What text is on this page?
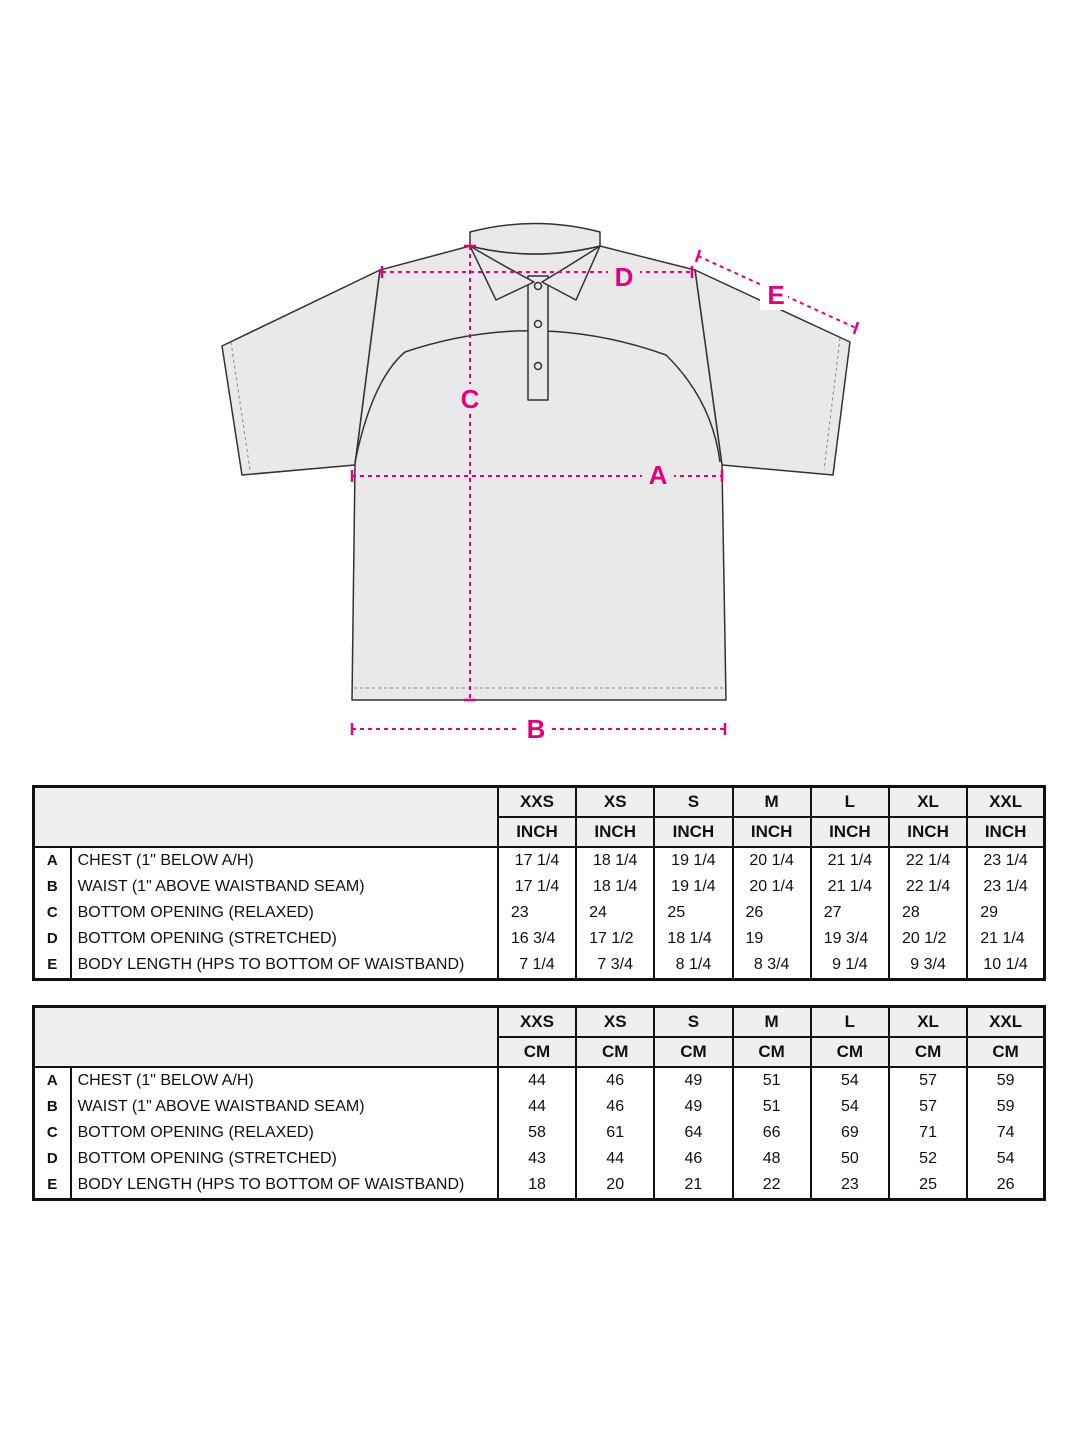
D
E
C
A
B
		XXS	XS	S	M	L	XL	XXL
		INCH	INCH	INCH	INCH	INCH	INCH	INCH
A	CHEST (1" BELOW A/H)	17 1/4	18 1/4	19 1/4	20 1/4	21 1/4	22 1/4	23 1/4
B	WAIST (1" ABOVE WAISTBAND SEAM)	17 1/4	18 1/4	19 1/4	20 1/4	21 1/4	22 1/4	23 1/4
C	BOTTOM OPENING (RELAXED)	23	24	25	26	27	28	29
D	BOTTOM OPENING (STRETCHED)	16 3/4	17 1/2	18 1/4	19	19 3/4	20 1/2	21 1/4
E	BODY LENGTH (HPS TO BOTTOM OF WAISTBAND)	7 1/4	7 3/4	8 1/4	8 3/4	9 1/4	9 3/4	10 1/4
		XXS	XS	S	M	L	XL	XXL
		CM	CM	CM	CM	CM	CM	CM
A	CHEST (1" BELOW A/H)	44	46	49	51	54	57	59
B	WAIST (1" ABOVE WAISTBAND SEAM)	44	46	49	51	54	57	59
C	BOTTOM OPENING (RELAXED)	58	61	64	66	69	71	74
D	BOTTOM OPENING (STRETCHED)	43	44	46	48	50	52	54
E	BODY LENGTH (HPS TO BOTTOM OF WAISTBAND)	18	20	21	22	23	25	26
